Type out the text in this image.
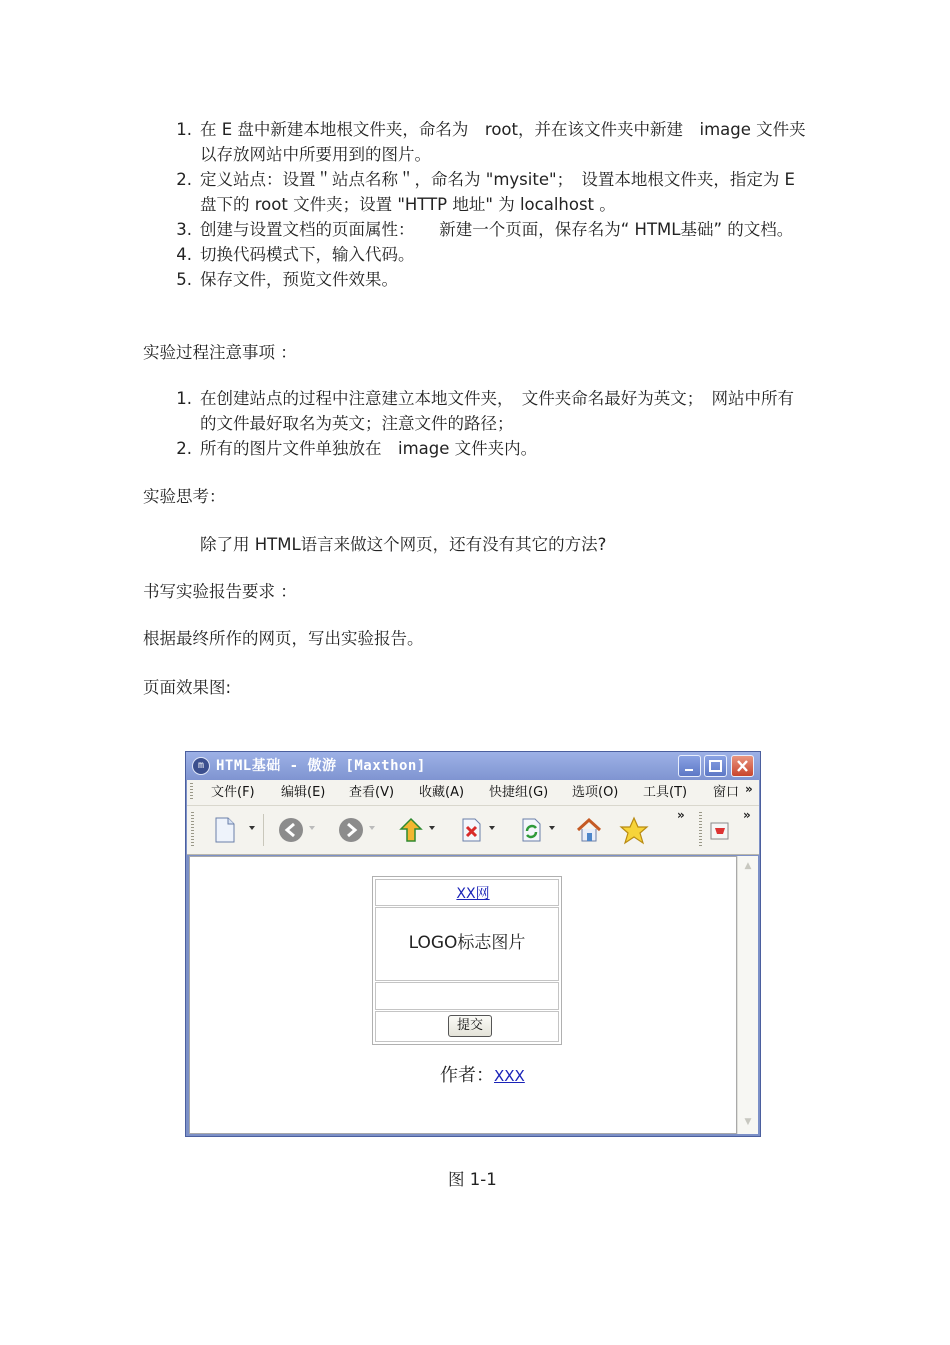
1. 在 E 盘中新建本地根文件夹，命名为　root，并在该文件夹中新建　image 文件夹以存放网站中所要用到的图片。
2. 定义站点：设置＂站点名称＂，命名为 "mysite"；　设置本地根文件夹，指定为 E 盘下的 root 文件夹；设置 "HTTP 地址" 为 localhost 。
3. 创建与设置文档的页面属性：　　新建一个页面，保存名为“ HTML基础” 的文档。
4. 切换代码模式下，输入代码。
5. 保存文件，预览文件效果。
实验过程注意事项 ：
1. 在创建站点的过程中注意建立本地文件夹，　文件夹命名最好为英文；　网站中所有的文件最好取名为英文；注意文件的路径；
2. 所有的图片文件单独放在　image 文件夹内。
实验思考：
除了用 HTML语言来做这个网页，还有没有其它的方法?
书写实验报告要求 ：
根据最终所作的网页，写出实验报告。
页面效果图:
m HTML基础 - 傲游 [Maxthon]
文件(F) 编辑(E) 查看(V) 收藏(A) 快捷组(G) 选项(O) 工具(T) 窗口 »
»	»
XX网
LOGO标志图片
提交
作者：XXX
▲
▼
图 1-1
